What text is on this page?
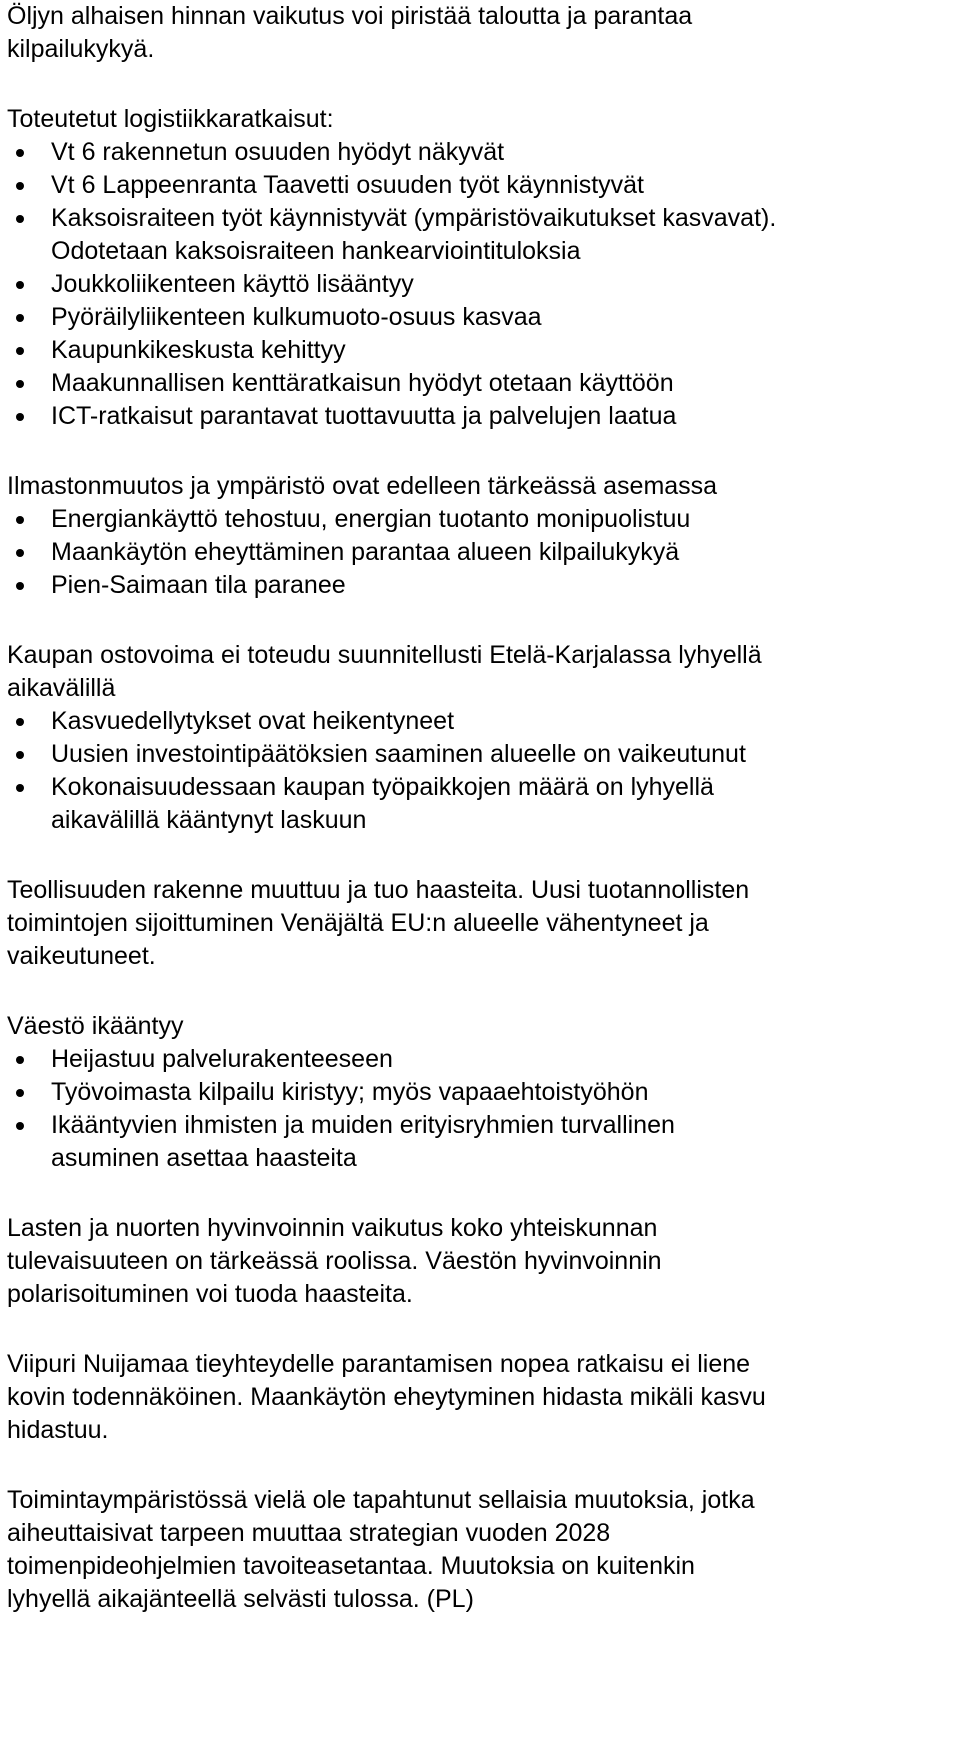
Öljyn alhaisen hinnan vaikutus voi piristää taloutta ja parantaa
kilpailukykyä.

Toteutetut logistiikkaratkaisut:

Vt 6 rakennetun osuuden hyödyt näkyvät
Vt 6 Lappeenranta Taavetti osuuden työt käynnistyvät
Kaksoisraiteen työt käynnistyvät (ympäristövaikutukset kasvavat).
Odotetaan kaksoisraiteen hankearviointituloksia
Joukkoliikenteen käyttö lisääntyy
Pyöräilyliikenteen kulkumuoto-osuus kasvaa
Kaupunkikeskusta kehittyy
Maakunnallisen kenttäratkaisun hyödyt otetaan käyttöön
ICT-ratkaisut parantavat tuottavuutta ja palvelujen laatua

Ilmastonmuutos ja ympäristö ovat edelleen tärkeässä asemassa

Energiankäyttö tehostuu, energian tuotanto monipuolistuu
Maankäytön eheyttäminen parantaa alueen kilpailukykyä
Pien-Saimaan tila paranee

Kaupan ostovoima ei toteudu suunnitellusti Etelä-Karjalassa lyhyellä
aikavälillä

Kasvuedellytykset ovat heikentyneet
Uusien investointipäätöksien saaminen alueelle on vaikeutunut
Kokonaisuudessaan kaupan työpaikkojen määrä on lyhyellä
aikavälillä kääntynyt laskuun

Teollisuuden rakenne muuttuu ja tuo haasteita. Uusi tuotannollisten
toimintojen sijoittuminen Venäjältä EU:n alueelle vähentyneet ja
vaikeutuneet.

Väestö ikääntyy

Heijastuu palvelurakenteeseen
Työvoimasta kilpailu kiristyy; myös vapaaehtoistyöhön
Ikääntyvien ihmisten ja muiden erityisryhmien turvallinen
asuminen asettaa haasteita

Lasten ja nuorten hyvinvoinnin vaikutus koko yhteiskunnan
tulevaisuuteen on tärkeässä roolissa. Väestön hyvinvoinnin
polarisoituminen voi tuoda haasteita.

Viipuri Nuijamaa tieyhteydelle parantamisen nopea ratkaisu ei liene
kovin todennäköinen. Maankäytön eheytyminen hidasta mikäli kasvu
hidastuu.

Toimintaympäristössä vielä ole tapahtunut sellaisia muutoksia, jotka
aiheuttaisivat tarpeen muuttaa strategian vuoden 2028
toimenpideohjelmien tavoiteasetantaa. Muutoksia on kuitenkin
lyhyellä aikajänteellä selvästi tulossa. (PL)
